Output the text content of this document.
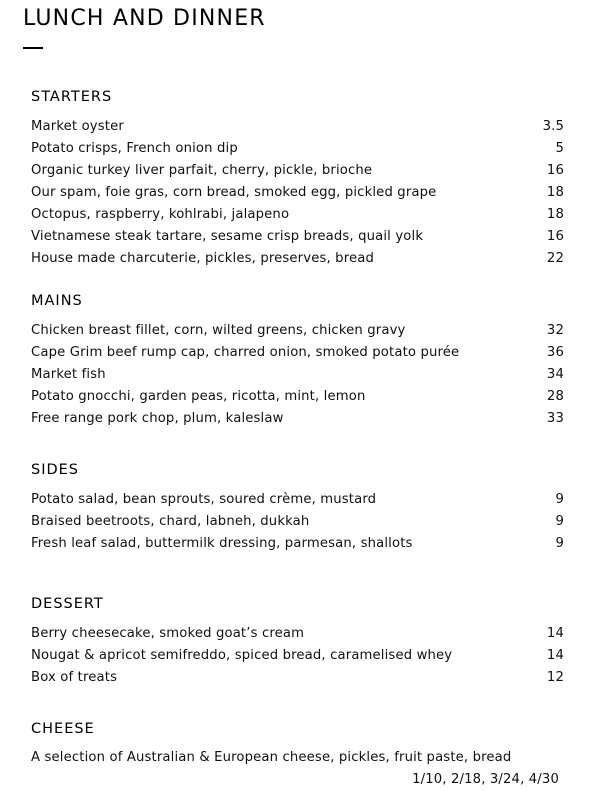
LUNCH AND DINNER
STARTERS
Market oyster	3.5
Potato crisps, French onion dip	5
Organic turkey liver parfait, cherry, pickle, brioche	16
Our spam, foie gras, corn bread, smoked egg, pickled grape	18
Octopus, raspberry, kohlrabi, jalapeno	18
Vietnamese steak tartare, sesame crisp breads, quail yolk	16
House made charcuterie, pickles, preserves, bread	22
MAINS
Chicken breast fillet, corn, wilted greens, chicken gravy	32
Cape Grim beef rump cap, charred onion, smoked potato purée	36
Market fish	34
Potato gnocchi, garden peas, ricotta, mint, lemon	28
Free range pork chop, plum, kaleslaw	33
SIDES
Potato salad, bean sprouts, soured crème, mustard	9
Braised beetroots, chard, labneh, dukkah	9
Fresh leaf salad, buttermilk dressing, parmesan, shallots	9
DESSERT
Berry cheesecake, smoked goat’s cream	14
Nougat & apricot semifreddo, spiced bread, caramelised whey	14
Box of treats	12
CHEESE
A selection of Australian & European cheese, pickles, fruit paste, bread
1/10, 2/18, 3/24, 4/30
